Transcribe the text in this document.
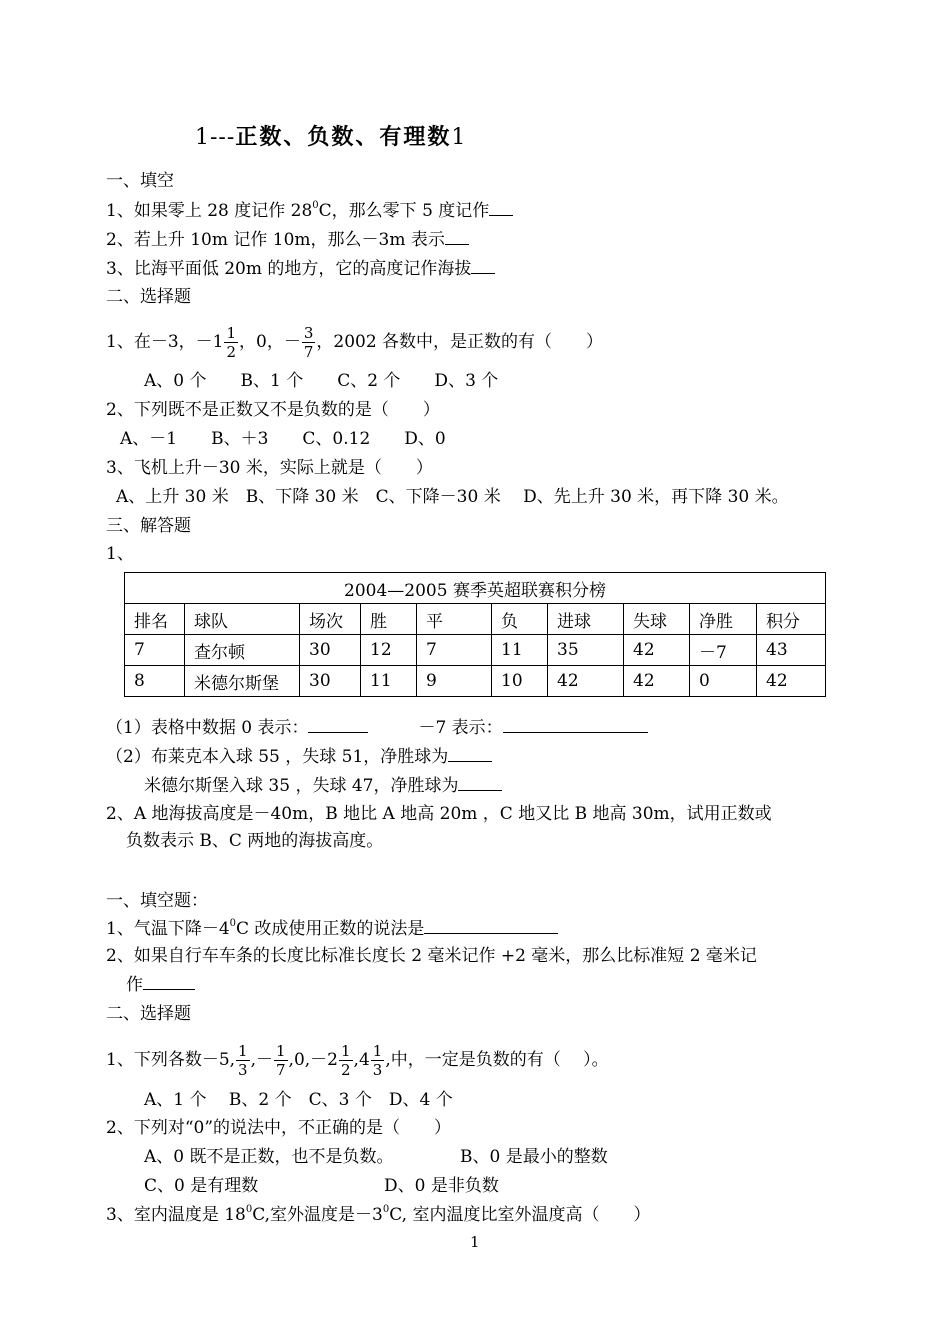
1---正数、负数、有理数1
一、填空
1、如果零上 28 度记作 $28^0C$，那么零下 5 度记作
2、若上升 10m 记作 10m，那么－3m 表示
3、比海平面低 20m 的地方，它的高度记作海拔
二、选择题
1、在－3，$-1 \frac{1}{2}$ ，0，－ $\frac{3}{7}$ ，2002 各数中，是正数的有（　　）
A、0 个　　B、1 个　　C、2 个　　D、3 个
2、下列既不是正数又不是负数的是（　　）
A、－1　　B、＋3　　C、0.12　　D、0
3、飞机上升－30 米，实际上就是（　　）
A、上升 30 米　B、下降 30 米　C、下降－30 米　 D、先上升 30 米，再下降 30 米。
三、解答题
1、
2004—2005 赛季英超联赛积分榜									
排名	球队	场次	胜	平	负	进球	失球	净胜	积分
7	查尔顿	30	12	7	11	35	42	－7	43
8	米德尔斯堡	30	11	9	10	42	42	0	42
（1）表格中数据 0 表示：	－7 表示：
（2）布莱克本入球 55 ，失球 51，净胜球为
米德尔斯堡入球 35 ，失球 47，净胜球为
2、A 地海拔高度是－40m，B 地比 A 地高 20m ，C 地又比 B 地高 30m，试用正数或
负数表示 B、C 两地的海拔高度。
一、填空题：
1、气温下降$-4^0C$ 改成使用正数的说法是
2、如果自行车车条的长度比标准长度长 2 毫米记作 +2 毫米，那么比标准短 2 毫米记
作
二、选择题
1、下列各数－5, $\frac{1}{3}$ ,－ $\frac{1}{7} ,0,-2 \frac{1}{2} ,4 \frac{1}{3}$ ,中，一定是负数的有（　 ）。
A、1 个　 B、2 个　C、3 个　D、4 个
2、下列对“0”的说法中，不正确的是（　　）
A、0 既不是正数，也不是负数。	B、0 是最小的整数
C、0 是有理数	D、0 是非负数
3、室内温度是 $18^0C$,室外温度是$-3^0C$, 室内温度比室外温度高（　　）
1
